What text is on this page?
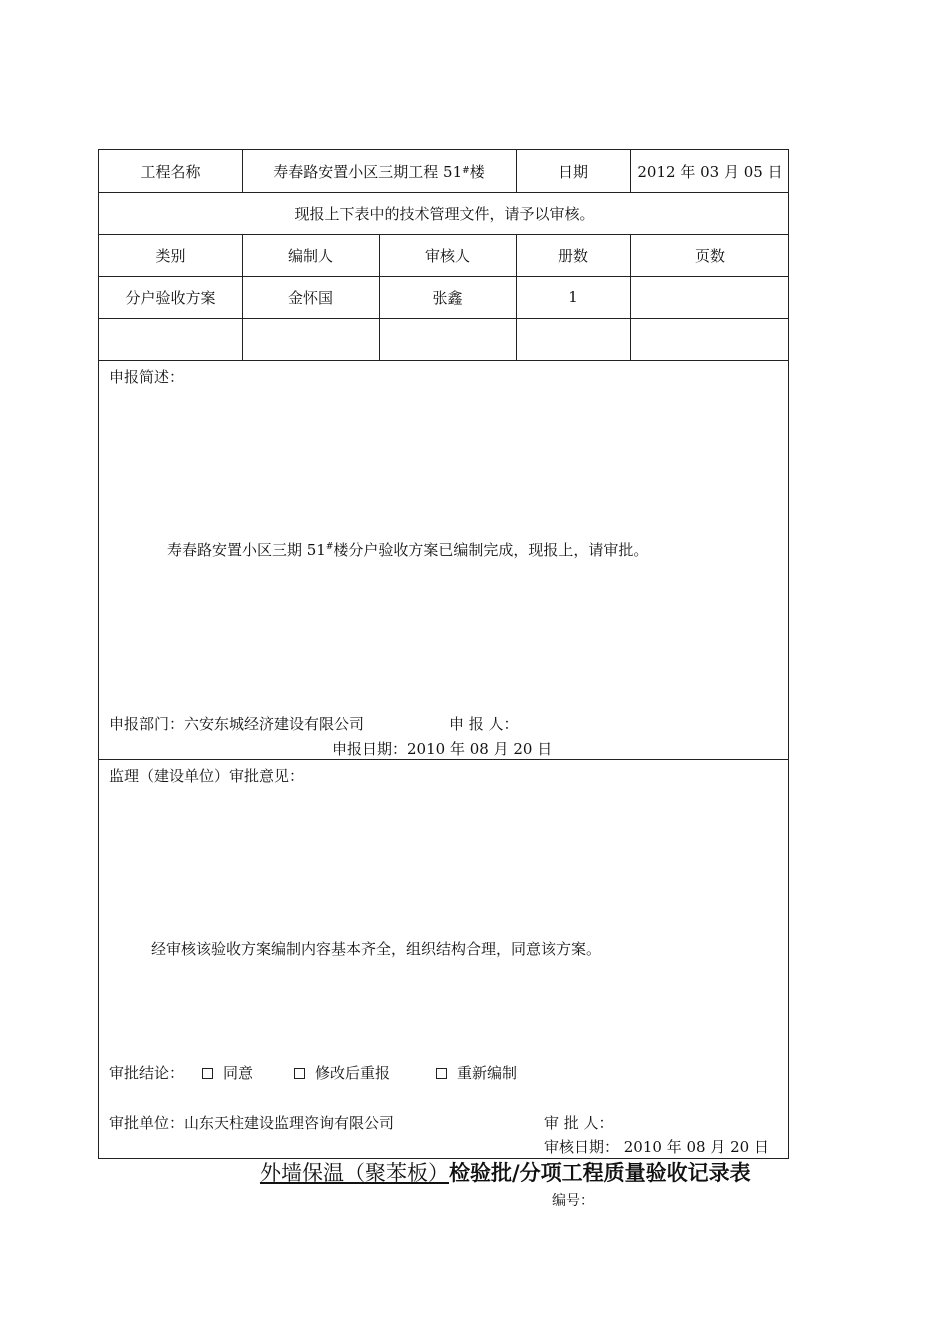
工程名称	寿春路安置小区三期工程 51 # 楼	日期	2012 年 03 月 05 日
现报上下表中的技术管理文件，请予以审核。
类别	编制人	审核人	册数	页数
分户验收方案	金怀国	张鑫	1
申报简述：
寿春路安置小区三期 51#楼分户验收方案已编制完成，现报上，请审批。
申报部门：六安东城经济建设有限公司	申 报 人：
申报日期：2010 年 08 月 20 日
监理（建设单位）审批意见：
经审核该验收方案编制内容基本齐全，组织结构合理，同意该方案。
审批结论：	同意	修改后重报	重新编制
审批单位：山东天柱建设监理咨询有限公司	审 批 人：
审核日期： 2010 年 08 月 20 日
外墙保温（聚苯板）检验批/分项工程质量验收记录表
编号：
